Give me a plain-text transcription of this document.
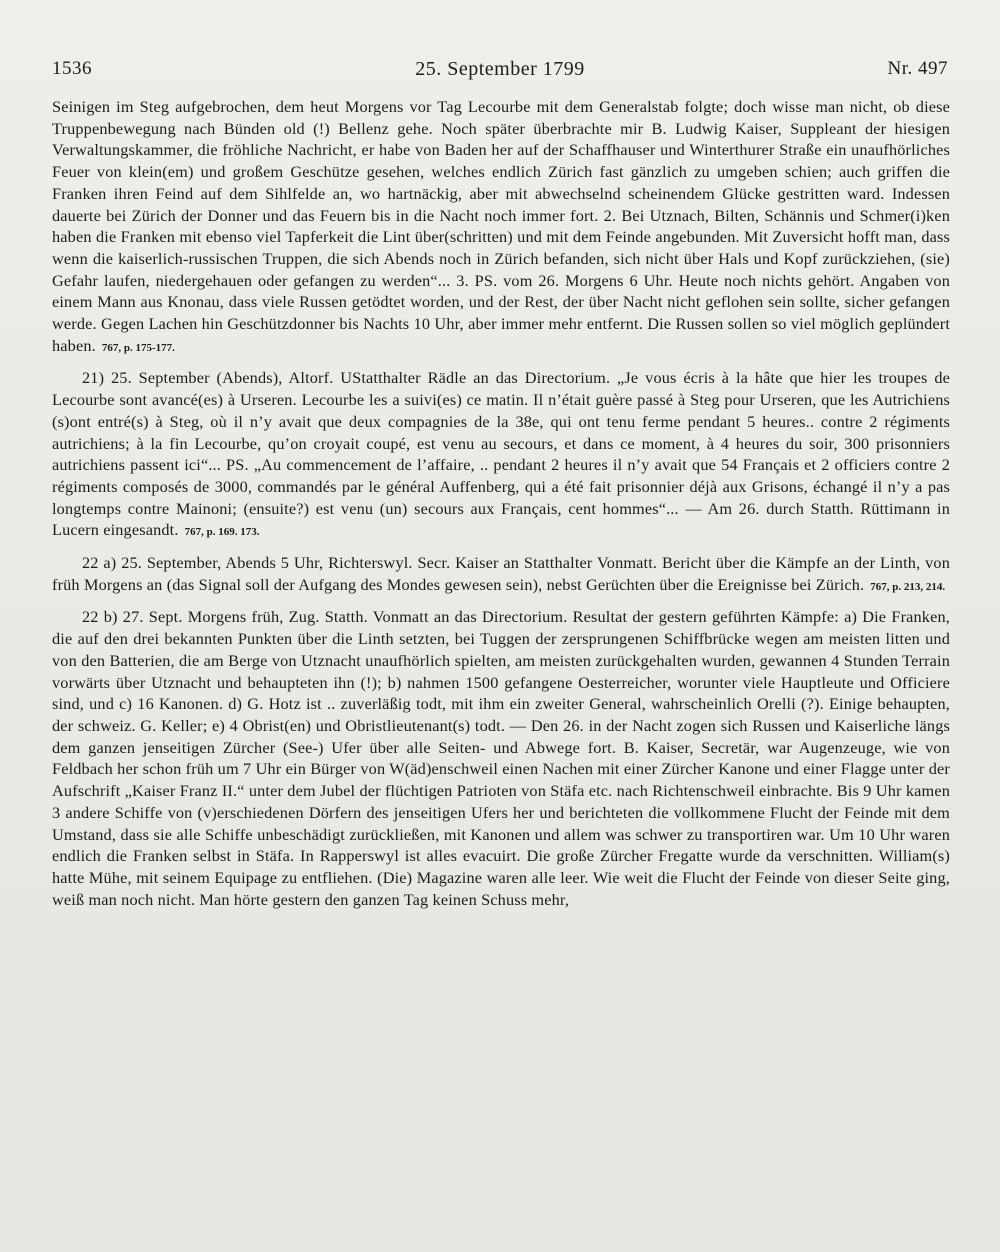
1536	25. September 1799	Nr. 497

Seinigen im Steg aufgebrochen, dem heut Morgens vor Tag Lecourbe mit dem Generalstab folgte; doch wisse man nicht, ob diese Truppenbewegung nach Bünden old (!) Bellenz gehe. Noch später überbrachte mir B. Ludwig Kaiser, Suppleant der hiesigen Verwaltungskammer, die fröhliche Nachricht, er habe von Baden her auf der Schaffhauser und Winterthurer Straße ein unaufhörliches Feuer von klein(em) und großem Geschütze gesehen, welches endlich Zürich fast gänzlich zu umgeben schien; auch griffen die Franken ihren Feind auf dem Sihlfelde an, wo hartnäckig, aber mit abwechselnd scheinendem Glücke gestritten ward. Indessen dauerte bei Zürich der Donner und das Feuern bis in die Nacht noch immer fort. 2. Bei Utznach, Bilten, Schännis und Schmer(i)ken haben die Franken mit ebenso viel Tapferkeit die Lint über(schritten) und mit dem Feinde angebunden. Mit Zuversicht hofft man, dass wenn die kaiserlich-russischen Truppen, die sich Abends noch in Zürich befanden, sich nicht über Hals und Kopf zurückziehen, (sie) Gefahr laufen, niedergehauen oder gefangen zu werden“... 3. PS. vom 26. Morgens 6 Uhr. Heute noch nichts gehört. Angaben von einem Mann aus Knonau, dass viele Russen getödtet worden, und der Rest, der über Nacht nicht geflohen sein sollte, sicher gefangen werde. Gegen Lachen hin Geschützdonner bis Nachts 10 Uhr, aber immer mehr entfernt. Die Russen sollen so viel möglich geplündert haben. 767, p. 175-177.

21) 25. September (Abends), Altorf. UStatthalter Rädle an das Directorium. „Je vous écris à la hâte que hier les troupes de Lecourbe sont avancé(es) à Urseren. Lecourbe les a suivi(es) ce matin. Il n’était guère passé à Steg pour Urseren, que les Autrichiens (s)ont entré(s) à Steg, où il n’y avait que deux compagnies de la 38e, qui ont tenu ferme pendant 5 heures.. contre 2 régiments autrichiens; à la fin Lecourbe, qu’on croyait coupé, est venu au secours, et dans ce moment, à 4 heures du soir, 300 prisonniers autrichiens passent ici“... PS. „Au commencement de l’affaire, .. pendant 2 heures il n’y avait que 54 Français et 2 officiers contre 2 régiments composés de 3000, commandés par le général Auffenberg, qui a été fait prisonnier déjà aux Grisons, échangé il n’y a pas longtemps contre Mainoni; (ensuite?) est venu (un) secours aux Français, cent hommes“... — Am 26. durch Statth. Rüttimann in Lucern eingesandt. 767, p. 169. 173.

22 a) 25. September, Abends 5 Uhr, Richterswyl. Secr. Kaiser an Statthalter Vonmatt. Bericht über die Kämpfe an der Linth, von früh Morgens an (das Signal soll der Aufgang des Mondes gewesen sein), nebst Gerüchten über die Ereignisse bei Zürich. 767, p. 213, 214.

22 b) 27. Sept. Morgens früh, Zug. Statth. Vonmatt an das Directorium. Resultat der gestern geführten Kämpfe: a) Die Franken, die auf den drei bekannten Punkten über die Linth setzten, bei Tuggen der zersprungenen Schiffbrücke wegen am meisten litten und von den Batterien, die am Berge von Utznacht unaufhörlich spielten, am meisten zurückgehalten wurden, gewannen 4 Stunden Terrain vorwärts über Utznacht und behaupteten ihn (!); b) nahmen 1500 gefangene Oesterreicher, worunter viele Hauptleute und Officiere sind, und c) 16 Kanonen. d) G. Hotz ist .. zuverläßig todt, mit ihm ein zweiter General, wahrscheinlich Orelli (?). Einige behaupten, der schweiz. G. Keller; e) 4 Obrist(en) und Obristlieutenant(s) todt. — Den 26. in der Nacht zogen sich Russen und Kaiserliche längs dem ganzen jenseitigen Zürcher (See-) Ufer über alle Seiten- und Abwege fort. B. Kaiser, Secretär, war Augenzeuge, wie von Feldbach her schon früh um 7 Uhr ein Bürger von W(äd)enschweil einen Nachen mit einer Zürcher Kanone und einer Flagge unter der Aufschrift „Kaiser Franz II.“ unter dem Jubel der flüchtigen Patrioten von Stäfa etc. nach Richtenschweil einbrachte. Bis 9 Uhr kamen 3 andere Schiffe von (v)erschiedenen Dörfern des jenseitigen Ufers her und berichteten die vollkommene Flucht der Feinde mit dem Umstand, dass sie alle Schiffe unbeschädigt zurückließen, mit Kanonen und allem was schwer zu transportiren war. Um 10 Uhr waren endlich die Franken selbst in Stäfa. In Rapperswyl ist alles evacuirt. Die große Zürcher Fregatte wurde da verschnitten. William(s) hatte Mühe, mit seinem Equipage zu entfliehen. (Die) Magazine waren alle leer. Wie weit die Flucht der Feinde von dieser Seite ging, weiß man noch nicht. Man hörte gestern den ganzen Tag keinen Schuss mehr,
